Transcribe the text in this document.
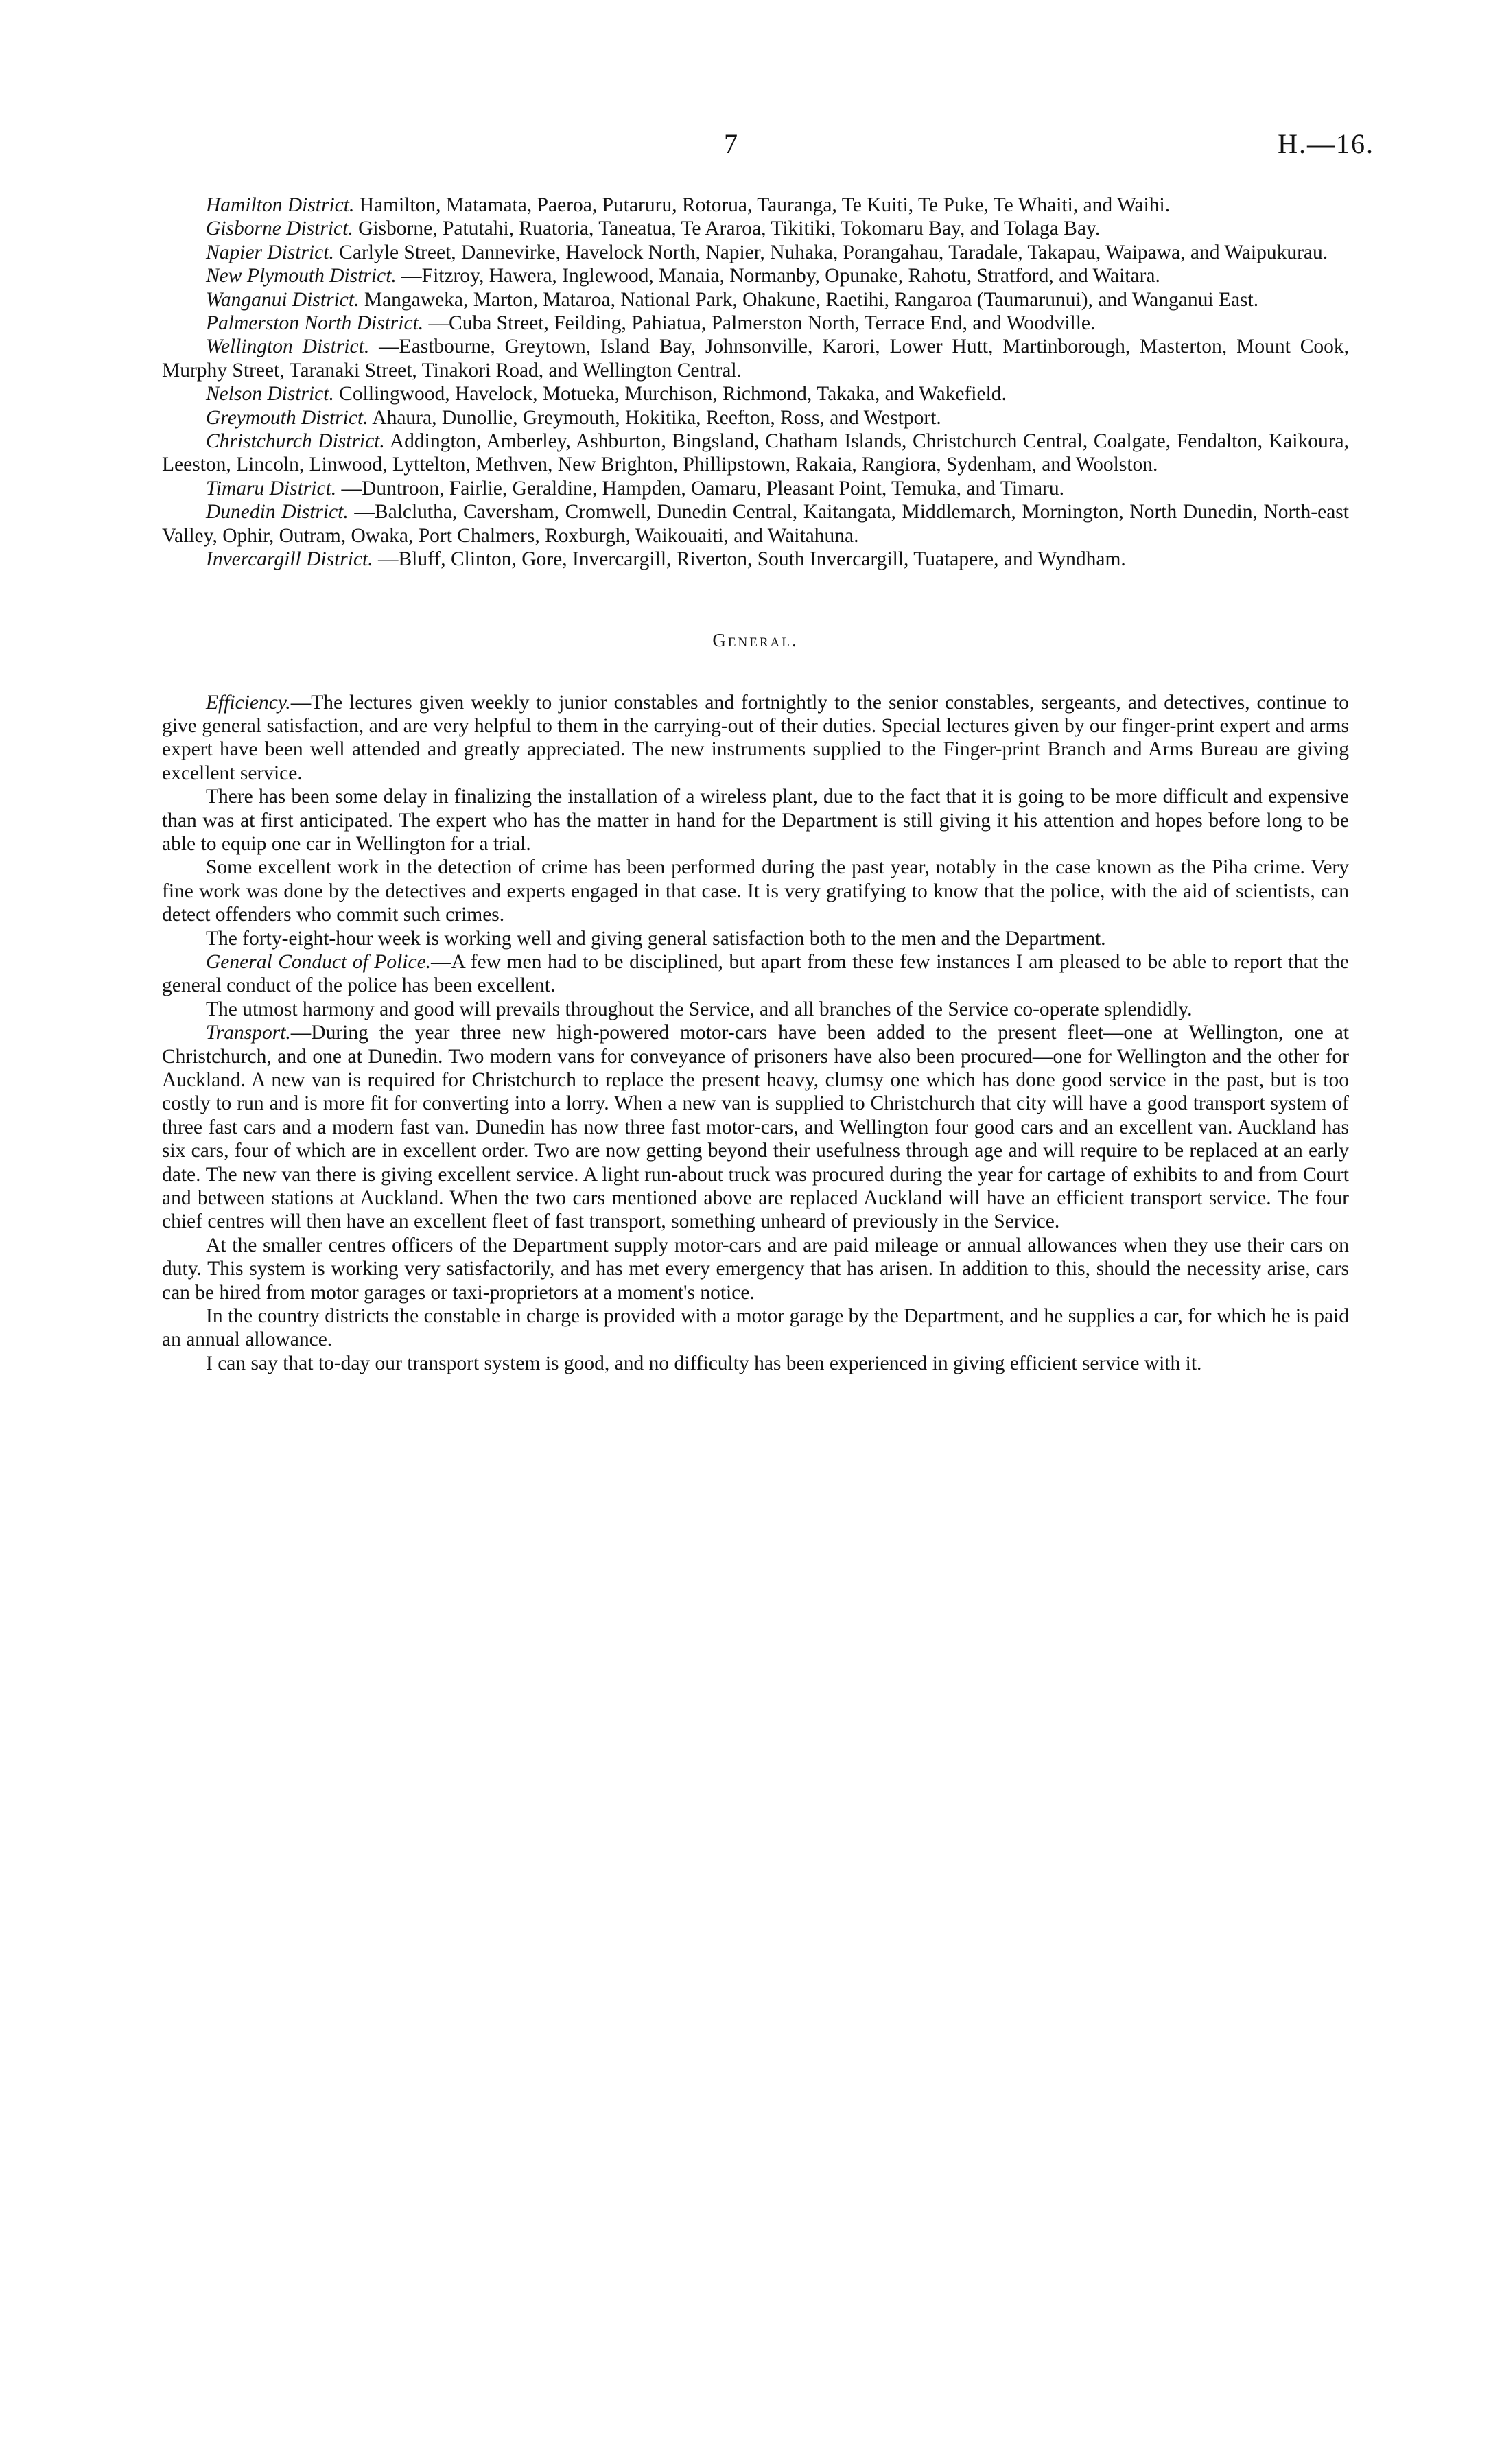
7	H.—16.

Hamilton District. Hamilton, Matamata, Paeroa, Putaruru, Rotorua, Tauranga, Te Kuiti, Te Puke, Te Whaiti, and Waihi.

Gisborne District. Gisborne, Patutahi, Ruatoria, Taneatua, Te Araroa, Tikitiki, Tokomaru Bay, and Tolaga Bay.

Napier District. Carlyle Street, Dannevirke, Havelock North, Napier, Nuhaka, Porangahau, Taradale, Takapau, Waipawa, and Waipukurau.

New Plymouth District. —Fitzroy, Hawera, Inglewood, Manaia, Normanby, Opunake, Rahotu, Stratford, and Waitara.

Wanganui District. Mangaweka, Marton, Mataroa, National Park, Ohakune, Raetihi, Rangaroa (Taumarunui), and Wanganui East.

Palmerston North District. —Cuba Street, Feilding, Pahiatua, Palmerston North, Terrace End, and Woodville.

Wellington District. —Eastbourne, Greytown, Island Bay, Johnsonville, Karori, Lower Hutt, Martinborough, Masterton, Mount Cook, Murphy Street, Taranaki Street, Tinakori Road, and Wellington Central.

Nelson District. Collingwood, Havelock, Motueka, Murchison, Richmond, Takaka, and Wakefield.

Greymouth District. Ahaura, Dunollie, Greymouth, Hokitika, Reefton, Ross, and Westport.

Christchurch District. Addington, Amberley, Ashburton, Bingsland, Chatham Islands, Christchurch Central, Coalgate, Fendalton, Kaikoura, Leeston, Lincoln, Linwood, Lyttelton, Methven, New Brighton, Phillipstown, Rakaia, Rangiora, Sydenham, and Woolston.

Timaru District. —Duntroon, Fairlie, Geraldine, Hampden, Oamaru, Pleasant Point, Temuka, and Timaru.

Dunedin District. —Balclutha, Caversham, Cromwell, Dunedin Central, Kaitangata, Middlemarch, Mornington, North Dunedin, North-east Valley, Ophir, Outram, Owaka, Port Chalmers, Roxburgh, Waikouaiti, and Waitahuna.

Invercargill District. —Bluff, Clinton, Gore, Invercargill, Riverton, South Invercargill, Tuatapere, and Wyndham.

General.

Efficiency.—The lectures given weekly to junior constables and fortnightly to the senior constables, sergeants, and detectives, continue to give general satisfaction, and are very helpful to them in the carrying-out of their duties. Special lectures given by our finger-print expert and arms expert have been well attended and greatly appreciated. The new instruments supplied to the Finger-print Branch and Arms Bureau are giving excellent service.

There has been some delay in finalizing the installation of a wireless plant, due to the fact that it is going to be more difficult and expensive than was at first anticipated. The expert who has the matter in hand for the Department is still giving it his attention and hopes before long to be able to equip one car in Wellington for a trial.

Some excellent work in the detection of crime has been performed during the past year, notably in the case known as the Piha crime. Very fine work was done by the detectives and experts engaged in that case. It is very gratifying to know that the police, with the aid of scientists, can detect offenders who commit such crimes.

The forty-eight-hour week is working well and giving general satisfaction both to the men and the Department.

General Conduct of Police.—A few men had to be disciplined, but apart from these few instances I am pleased to be able to report that the general conduct of the police has been excellent.

The utmost harmony and good will prevails throughout the Service, and all branches of the Service co-operate splendidly.

Transport.—During the year three new high-powered motor-cars have been added to the present fleet—one at Wellington, one at Christchurch, and one at Dunedin. Two modern vans for conveyance of prisoners have also been procured—one for Wellington and the other for Auckland. A new van is required for Christchurch to replace the present heavy, clumsy one which has done good service in the past, but is too costly to run and is more fit for converting into a lorry. When a new van is supplied to Christchurch that city will have a good transport system of three fast cars and a modern fast van. Dunedin has now three fast motor-cars, and Wellington four good cars and an excellent van. Auckland has six cars, four of which are in excellent order. Two are now getting beyond their usefulness through age and will require to be replaced at an early date. The new van there is giving excellent service. A light run-about truck was procured during the year for cartage of exhibits to and from Court and between stations at Auckland. When the two cars mentioned above are replaced Auckland will have an efficient transport service. The four chief centres will then have an excellent fleet of fast transport, something unheard of previously in the Service.

At the smaller centres officers of the Department supply motor-cars and are paid mileage or annual allowances when they use their cars on duty. This system is working very satisfactorily, and has met every emergency that has arisen. In addition to this, should the necessity arise, cars can be hired from motor garages or taxi-proprietors at a moment's notice.

In the country districts the constable in charge is provided with a motor garage by the Department, and he supplies a car, for which he is paid an annual allowance.

I can say that to-day our transport system is good, and no difficulty has been experienced in giving efficient service with it.
